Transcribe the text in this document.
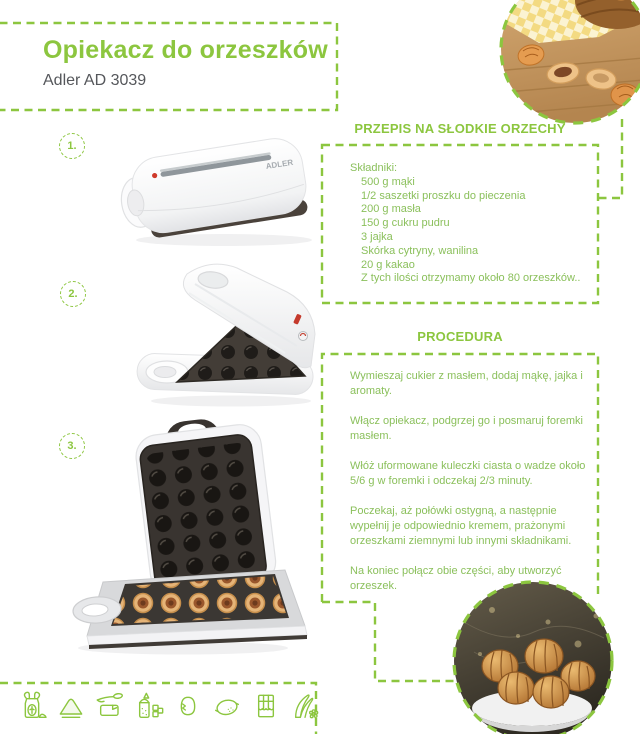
Opiekacz do orzeszków
Adler AD 3039
1.
2.
3.
ADLER
PRZEPIS NA SŁODKIE ORZECHY
Składniki:
500 g mąki
1/2 saszetki proszku do pieczenia
200 g masła
150 g cukru pudru
3 jajka
Skórka cytryny, wanilina
20 g kakao
Z tych ilości otrzymamy około 80 orzeszków..
PROCEDURA

Wymieszaj cukier z masłem, dodaj mąkę, jajka i aromaty.

Włącz opiekacz, podgrzej go i posmaruj foremki masłem.

Włóż uformowane kuleczki ciasta o wadze około 5/6 g w foremki i odczekaj 2/3 minuty.

Poczekaj, aż połówki ostygną, a następnie wypełnij je odpowiednio kremem, prażonymi orzeszkami ziemnymi lub innymi składnikami.

Na koniec połącz obie części, aby utworzyć orzeszek.
